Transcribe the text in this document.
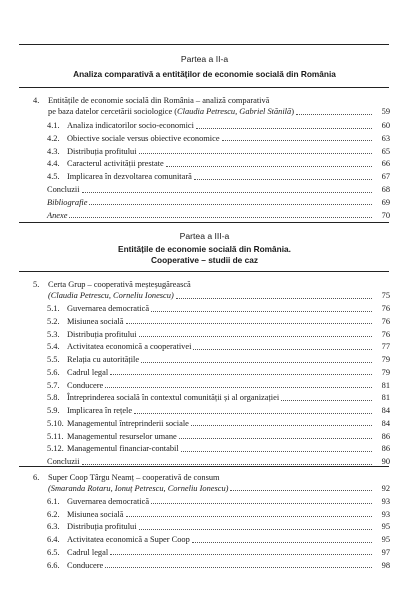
Partea a II-a
Analiza comparativă a entităților de economie socială din România
4. Entitățile de economie socială din România – analiză comparativă
pe baza datelor cercetării sociologice (Claudia Petrescu, Gabriel Stănilă)	59
4.1. Analiza indicatorilor socio-economici	60
4.2. Obiective sociale versus obiective economice	63
4.3. Distribuția profitului	65
4.4. Caracterul activității prestate	66
4.5. Implicarea în dezvoltarea comunitară	67
Concluzii	68
Bibliografie	69
Anexe	70
Partea a III-a
Entitățile de economie socială din România.
Cooperative – studii de caz
5. Certa Grup – cooperativă meșteșugărească
(Claudia Petrescu, Corneliu Ionescu)	75
5.1. Guvernarea democratică	76
5.2. Misiunea socială	76
5.3. Distribuția profitului	76
5.4. Activitatea economică a cooperativei	77
5.5. Relația cu autoritățile	79
5.6. Cadrul legal	79
5.7. Conducere	81
5.8. Întreprinderea socială în contextul comunității și al organizației	81
5.9. Implicarea în rețele	84
5.10. Managementul întreprinderii sociale	84
5.11. Managementul resurselor umane	86
5.12. Managementul financiar-contabil	86
Concluzii	90
6. Super Coop Târgu Neamț – cooperativă de consum
(Smaranda Rotaru, Ionuț Petrescu, Corneliu Ionescu)	92
6.1. Guvernarea democratică	93
6.2. Misiunea socială	93
6.3. Distribuția profitului	95
6.4. Activitatea economică a Super Coop	95
6.5. Cadrul legal	97
6.6. Conducere	98
